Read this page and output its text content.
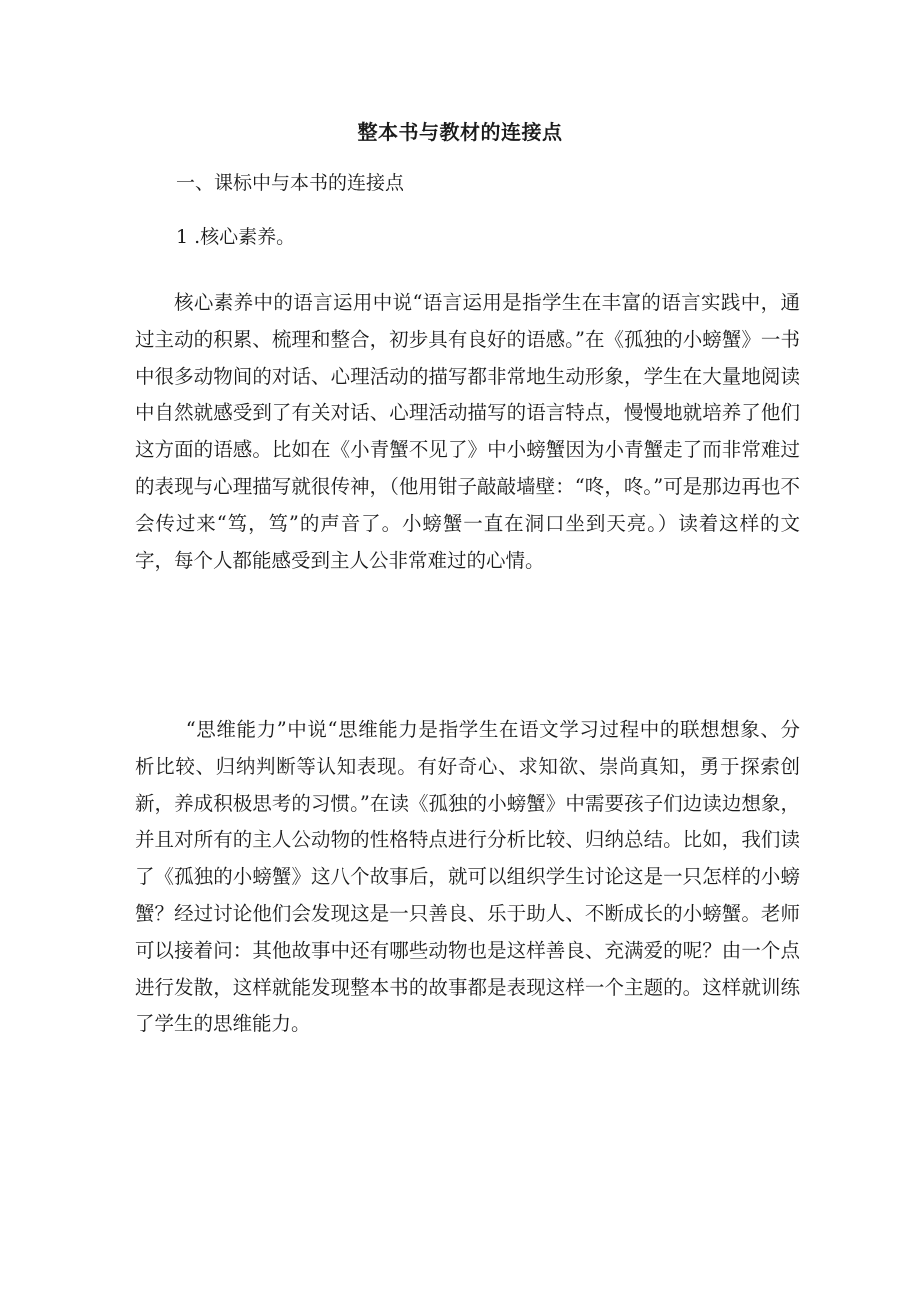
整本书与教材的连接点
一、课标中与本书的连接点
1 .核心素养。

核心素养中的语言运用中说“语言运用是指学生在丰富的语言实践中，通过主动的积累、梳理和整合，初步具有良好的语感。”在《孤独的小螃蟹》一书中很多动物间的对话、心理活动的描写都非常地生动形象，学生在大量地阅读中自然就感受到了有关对话、心理活动描写的语言特点，慢慢地就培养了他们这方面的语感。比如在《小青蟹不见了》中小螃蟹因为小青蟹走了而非常难过的表现与心理描写就很传神，（他用钳子敲敲墙壁：“咚，咚。”可是那边再也不会传过来“笃，笃”的声音了。小螃蟹一直在洞口坐到天亮。）读着这样的文字，每个人都能感受到主人公非常难过的心情。

“思维能力”中说“思维能力是指学生在语文学习过程中的联想想象、分析比较、归纳判断等认知表现。有好奇心、求知欲、崇尚真知，勇于探索创新，养成积极思考的习惯。”在读《孤独的小螃蟹》中需要孩子们边读边想象，并且对所有的主人公动物的性格特点进行分析比较、归纳总结。比如，我们读了《孤独的小螃蟹》这八个故事后，就可以组织学生讨论这是一只怎样的小螃蟹？经过讨论他们会发现这是一只善良、乐于助人、不断成长的小螃蟹。老师可以接着问：其他故事中还有哪些动物也是这样善良、充满爱的呢？由一个点进行发散，这样就能发现整本书的故事都是表现这样一个主题的。这样就训练了学生的思维能力。
